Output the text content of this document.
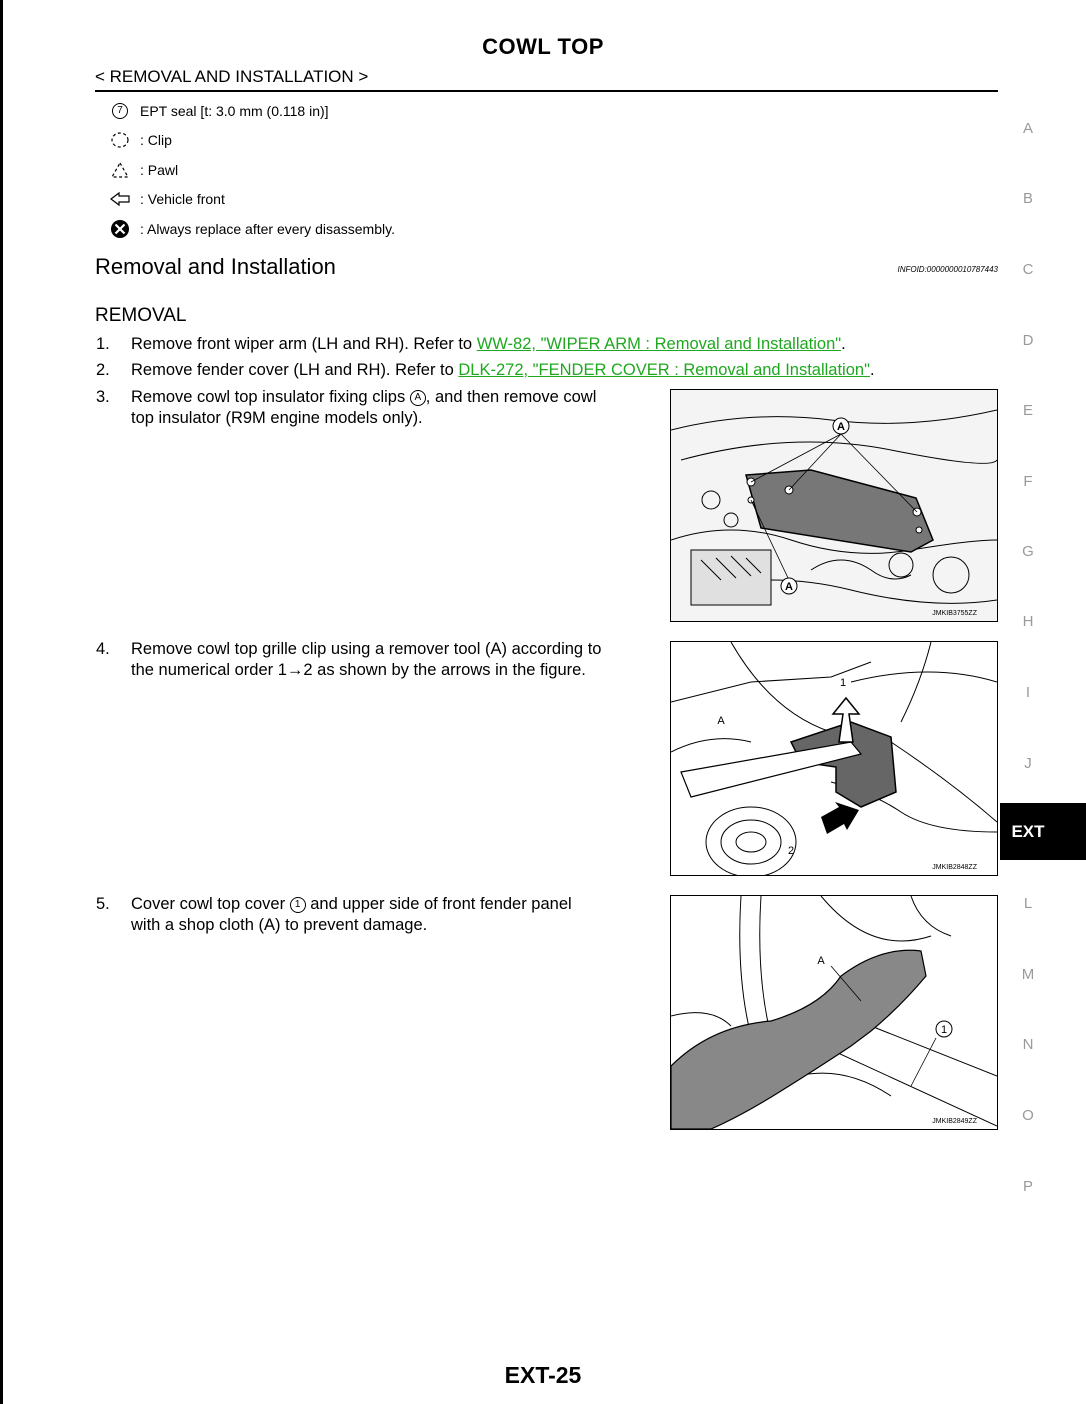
COWL TOP
< REMOVAL AND INSTALLATION >
7	EPT seal [t: 3.0 mm (0.118 in)]
: Clip
: Pawl
: Vehicle front
: Always replace after every disassembly.
Removal and Installation	INFOID:0000000010787443
REMOVAL
1. Remove front wiper arm (LH and RH). Refer to WW-82, "WIPER ARM : Removal and Installation".
2. Remove fender cover (LH and RH). Refer to DLK-272, "FENDER COVER : Removal and Installation".
3. Remove cowl top insulator fixing clips A , and then remove cowl
top insulator (R9M engine models only).	A
A
JMKIB3755ZZ
4. Remove cowl top grille clip using a remover tool (A) according to
the numerical order 1→2 as shown by the arrows in the figure.
1
A
2
JMKIB2848ZZ
5. Cover cowl top cover 1 and upper side of front fender panel
with a shop cloth (A) to prevent damage.
A
1
JMKIB2849ZZ
A
B
C
D
E
F
G
H
I
J
EXT
L
M
N
O
P
EXT-25
